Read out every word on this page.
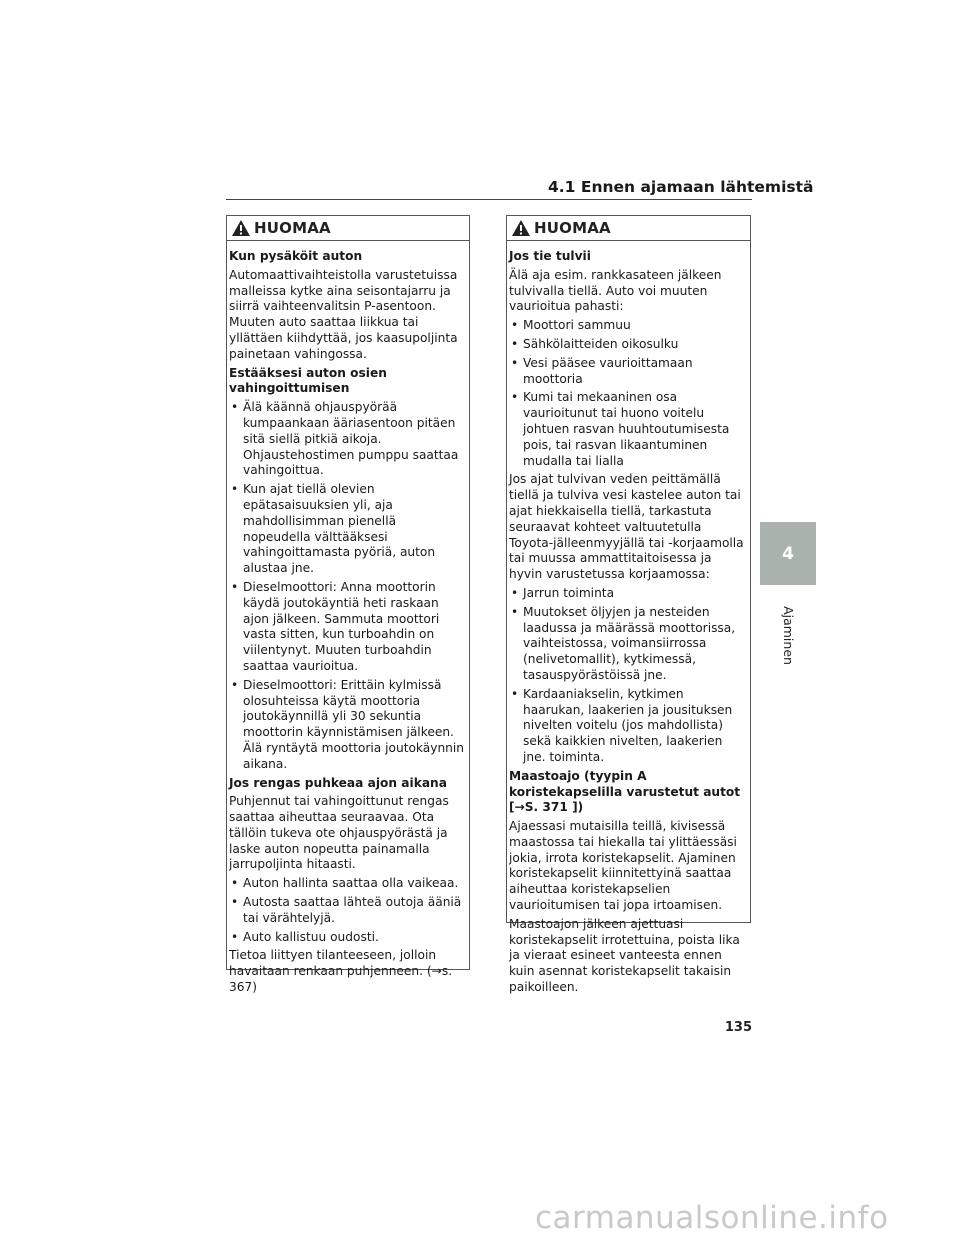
4.1 Ennen ajamaan lähtemistä
HUOMAA
Kun pysäköit auton

Automaattivaihteistolla varustetuissa malleissa kytke aina seisontajarru ja siirrä vaihteenvalitsin P-asentoon. Muuten auto saattaa liikkua tai yllättäen kiihdyttää, jos kaasupoljinta painetaan vahingossa.

Estääksesi auton osien vahingoittumisen
• Älä käännä ohjauspyörää kumpaankaan ääriasentoon pitäen sitä siellä pitkiä aikoja. Ohjaustehostimen pumppu saattaa vahingoittua.
• Kun ajat tiellä olevien epätasaisuuksien yli, aja mahdollisimman pienellä nopeudella välttääksesi vahingoittamasta pyöriä, auton alustaa jne.
• Dieselmoottori: Anna moottorin käydä joutokäyntiä heti raskaan ajon jälkeen. Sammuta moottori vasta sitten, kun turboahdin on viilentynyt. Muuten turboahdin saattaa vaurioitua.
• Dieselmoottori: Erittäin kylmissä olosuhteissa käytä moottoria joutokäynnillä yli 30 sekuntia moottorin käynnistämisen jälkeen. Älä ryntäytä moottoria joutokäynnin aikana.
Jos rengas puhkeaa ajon aikana

Puhjennut tai vahingoittunut rengas saattaa aiheuttaa seuraavaa. Ota tällöin tukeva ote ohjauspyörästä ja laske auton nopeutta painamalla jarrupoljinta hitaasti.

• Auton hallinta saattaa olla vaikeaa.
• Autosta saattaa lähteä outoja ääniä tai värähtelyjä.
• Auto kallistuu oudosti.

Tietoa liittyen tilanteeseen, jolloin havaitaan renkaan puhjenneen. (→s. 367)

HUOMAA
Jos tie tulvii

Älä aja esim. rankkasateen jälkeen tulvivalla tiellä. Auto voi muuten vaurioitua pahasti:

• Moottori sammuu
• Sähkölaitteiden oikosulku
• Vesi pääsee vaurioittamaan moottoria
• Kumi tai mekaaninen osa vaurioitunut tai huono voitelu johtuen rasvan huuhtoutumisesta pois, tai rasvan likaantuminen mudalla tai lialla

Jos ajat tulvivan veden peittämällä tiellä ja tulviva vesi kastelee auton tai ajat hiekkaisella tiellä, tarkastuta seuraavat kohteet valtuutetulla Toyota-jälleenmyyjällä tai -korjaamolla tai muussa ammattitaitoisessa ja hyvin varustetussa korjaamossa:

• Jarrun toiminta
• Muutokset öljyjen ja nesteiden laadussa ja määrässä moottorissa, vaihteistossa, voimansiirrossa (nelivetomallit), kytkimessä, tasauspyörästöissä jne.
• Kardaaniakselin, kytkimen haarukan, laakerien ja jousituksen nivelten voitelu (jos mahdollista) sekä kaikkien nivelten, laakerien jne. toiminta.
Maastoajo (tyypin A koristekapselilla varustetut autot [→S. 371 ])

Ajaessasi mutaisilla teillä, kivisessä maastossa tai hiekalla tai ylittäessäsi jokia, irrota koristekapselit. Ajaminen koristekapselit kiinnitettyinä saattaa aiheuttaa koristekapselien vaurioitumisen tai jopa irtoamisen.

Maastoajon jälkeen ajettuasi koristekapselit irrotettuina, poista lika ja vieraat esineet vanteesta ennen kuin asennat koristekapselit takaisin paikoilleen.

4
Ajaminen
135
carmanualsonline.info
